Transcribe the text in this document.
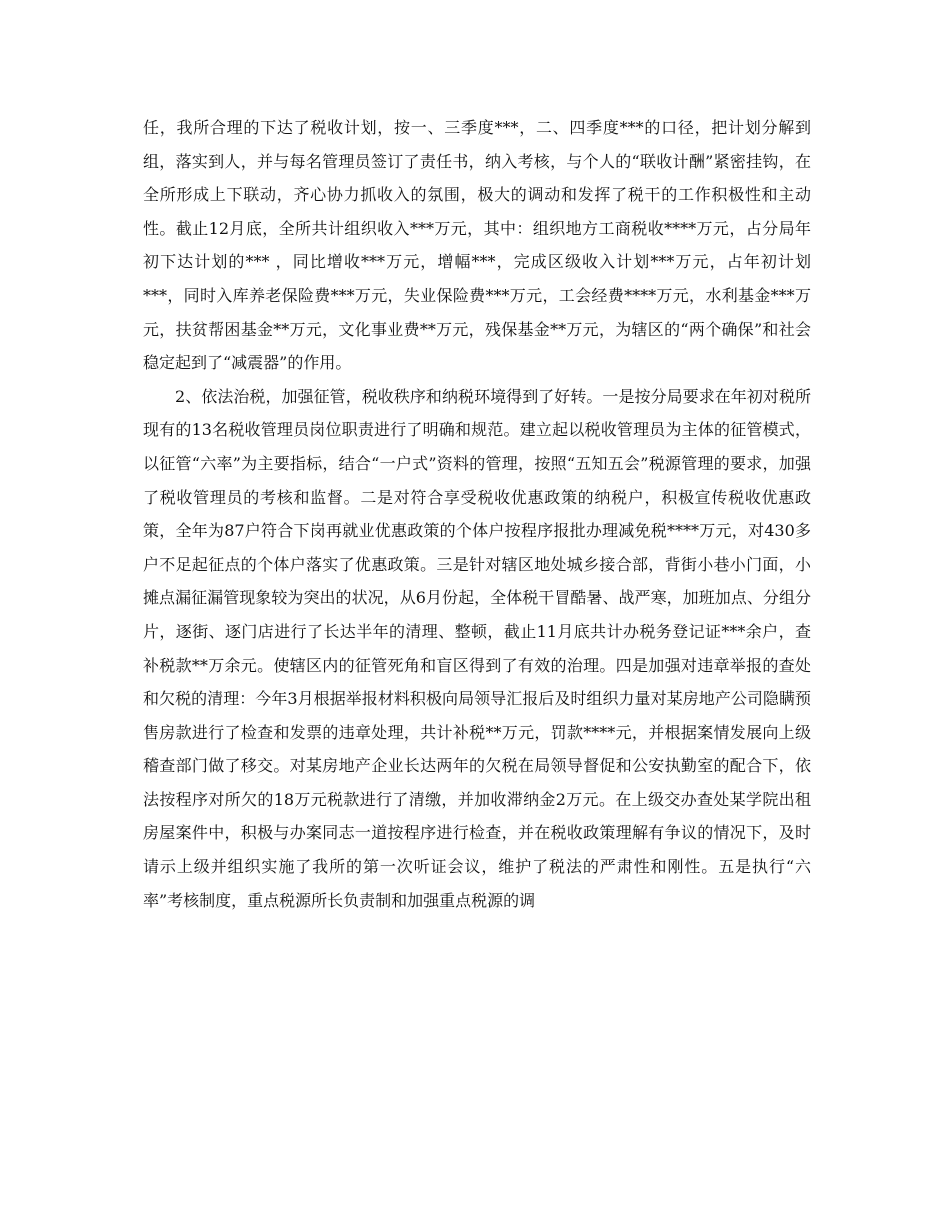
任，我所合理的下达了税收计划，按一、三季度***，二、四季度***的口径，把计划分解到组，落实到人，并与每名管理员签订了责任书，纳入考核，与个人的“联收计酬”紧密挂钩，在全所形成上下联动，齐心协力抓收入的氛围，极大的调动和发挥了税干的工作积极性和主动性。截止12月底，全所共计组织收入***万元，其中：组织地方工商税收****万元，占分局年初下达计划的*** ，同比增收***万元，增幅***，完成区级收入计划***万元，占年初计划***，同时入库养老保险费***万元，失业保险费***万元，工会经费****万元，水利基金***万元，扶贫帮困基金**万元，文化事业费**万元，残保基金**万元，为辖区的“两个确保”和社会稳定起到了“减震器”的作用。

2、依法治税，加强征管，税收秩序和纳税环境得到了好转。一是按分局要求在年初对税所现有的13名税收管理员岗位职责进行了明确和规范。建立起以税收管理员为主体的征管模式，以征管“六率”为主要指标，结合“一户式”资料的管理，按照“五知五会”税源管理的要求，加强了税收管理员的考核和监督。二是对符合享受税收优惠政策的纳税户，积极宣传税收优惠政策，全年为87户符合下岗再就业优惠政策的个体户按程序报批办理减免税****万元，对430多户不足起征点的个体户落实了优惠政策。三是针对辖区地处城乡接合部，背街小巷小门面，小摊点漏征漏管现象较为突出的状况，从6月份起，全体税干冒酷暑、战严寒，加班加点、分组分片，逐街、逐门店进行了长达半年的清理、整顿，截止11月底共计办税务登记证***余户，查补税款**万余元。使辖区内的征管死角和盲区得到了有效的治理。四是加强对违章举报的查处和欠税的清理：今年3月根据举报材料积极向局领导汇报后及时组织力量对某房地产公司隐瞒预售房款进行了检查和发票的违章处理，共计补税**万元，罚款****元，并根据案情发展向上级稽查部门做了移交。对某房地产企业长达两年的欠税在局领导督促和公安执勤室的配合下，依法按程序对所欠的18万元税款进行了清缴，并加收滞纳金2万元。在上级交办查处某学院出租房屋案件中，积极与办案同志一道按程序进行检查，并在税收政策理解有争议的情况下，及时请示上级并组织实施了我所的第一次听证会议，维护了税法的严肃性和刚性。五是执行“六率”考核制度，重点税源所长负责制和加强重点税源的调
